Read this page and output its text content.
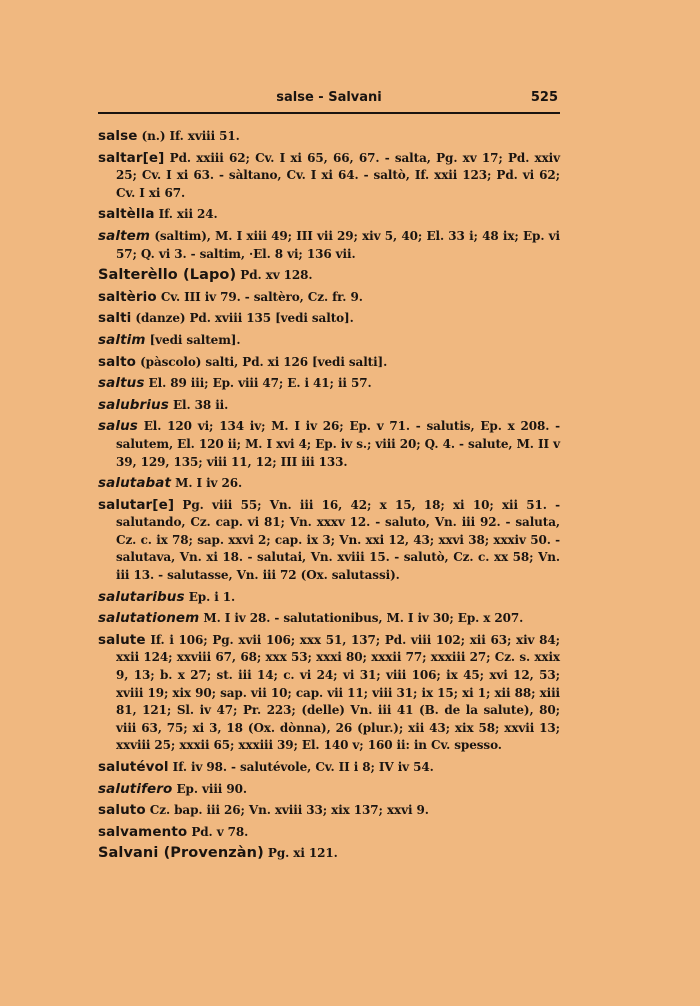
salse - Salvani	525

salse (n.) If. xviii 51.

saltar[e] Pd. xxiii 62; Cv. I xi 65, 66, 67. - salta, Pg. xv 17; Pd. xxiv 25; Cv. I xi 63. - sàltano, Cv. I xi 64. - saltò, If. xxii 123; Pd. vi 62; Cv. I xi 67.

saltèlla If. xii 24.

saltem (saltim), M. I xiii 49; III vii 29; xiv 5, 40; El. 33 i; 48 ix; Ep. vi 57; Q. vi 3. - saltim, ·El. 8 vi; 136 vii.

Salterèllo (Lapo) Pd. xv 128.

saltèrio Cv. III iv 79. - saltèro, Cz. fr. 9.

salti (danze) Pd. xviii 135 [vedi salto].

saltim [vedi saltem].

salto (pàscolo) salti, Pd. xi 126 [vedi salti].

saltus El. 89 iii; Ep. viii 47; E. i 41; ii 57.

salubrius El. 38 ii.

salus El. 120 vi; 134 iv; M. I iv 26; Ep. v 71. - salutis, Ep. x 208. - salutem, El. 120 ii; M. I xvi 4; Ep. iv s.; viii 20; Q. 4. - salute, M. II v 39, 129, 135; viii 11, 12; III iii 133.

salutabat M. I iv 26.

salutar[e] Pg. viii 55; Vn. iii 16, 42; x 15, 18; xi 10; xii 51. - salutando, Cz. cap. vi 81; Vn. xxxv 12. - saluto, Vn. iii 92. - saluta, Cz. c. ix 78; sap. xxvi 2; cap. ix 3; Vn. xxi 12, 43; xxvi 38; xxxiv 50. - salutava, Vn. xi 18. - salutai, Vn. xviii 15. - salutò, Cz. c. xx 58; Vn. iii 13. - salutasse, Vn. iii 72 (Ox. salutassi).

salutaribus Ep. i 1.

salutationem M. I iv 28. - salutationibus, M. I iv 30; Ep. x 207.

salute If. i 106; Pg. xvii 106; xxx 51, 137; Pd. viii 102; xii 63; xiv 84; xxii 124; xxviii 67, 68; xxx 53; xxxi 80; xxxii 77; xxxiii 27; Cz. s. xxix 9, 13; b. x 27; st. iii 14; c. vi 24; vi 31; viii 106; ix 45; xvi 12, 53; xviii 19; xix 90; sap. vii 10; cap. vii 11; viii 31; ix 15; xi 1; xii 88; xiii 81, 121; Sl. iv 47; Pr. 223; (delle) Vn. iii 41 (B. de la salute), 80; viii 63, 75; xi 3, 18 (Ox. dònna), 26 (plur.); xii 43; xix 58; xxvii 13; xxviii 25; xxxii 65; xxxiii 39; El. 140 v; 160 ii: in Cv. spesso.

salutévol If. iv 98. - salutévole, Cv. II i 8; IV iv 54.

salutifero Ep. viii 90.

saluto Cz. bap. iii 26; Vn. xviii 33; xix 137; xxvi 9.

salvamento Pd. v 78.

Salvani (Provenzàn) Pg. xi 121.
